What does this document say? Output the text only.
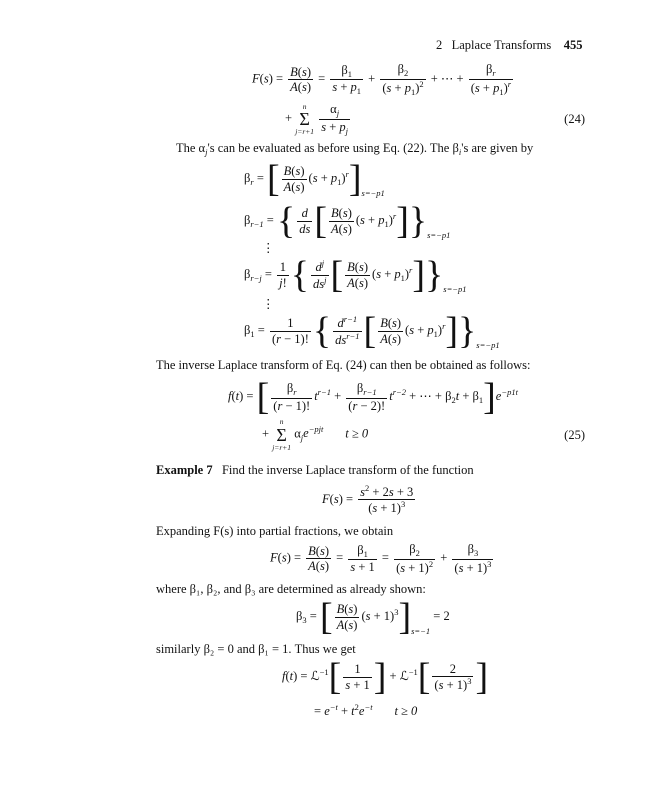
2 Laplace Transforms 455
$F(s) = \frac{B(s)}{A(s)} = \frac{\beta_1}{s + p_1} + \frac{\beta_2}{(s + p_1)^2}$ + ⋯ + $\frac{\beta_r}{(s + p_1)^r}$
+
n
Σ
j=r+1
$\frac{\alpha_j}{s + p_j}$	(24)
The $\alpha_j's$ can be evaluated as before using Eq. (22). The $\beta_i's$ are given by
$\beta_r$ = [ $\frac{B(s)}{A(s)} (s + p_1)^r]_{s=-p1}$
$\beta_{r-1}$ = { $\frac{d}{ds}$ [ $\frac{B(s)}{A(s)} (s + p_1)^r]\}_{s=-p1}$
⋮
$\beta_{r-j} = \frac{1}{j!}$ { $d^j$
$ds^j$ [ $\frac{B(s)}{A(s)} (s + p_1)^r]\}_{s=-p1}$
⋮
$\beta_1 = \frac{1}{(r - 1)!}$ { $d^{r-1}$
$ds^{r-1}$ [ $\frac{B(s)}{A(s)} (s + p_1)^r]\}_{s=-p1}$
The inverse Laplace transform of Eq. (24) can then be obtained as follows:
f(t) = [ $\frac{\beta_r}{(r - 1)!} t^{r-1} + \frac{\beta_{r-1}}{(r - 2)!} t^{r-2}$ + ⋯ + $\beta_2t + \beta_1]e^{-p1t}$
+
n
Σ
j=r+1
$\alpha_je^{-pjt}$ t ≥ 0	(25)
Example 7 Find the inverse Laplace transform of the function
$F(s) = \frac{s^2 + 2s + 3}{(s + 1)^3}$
Expanding F(s) into partial fractions, we obtain
$F(s) = \frac{B(s)}{A(s)} = \frac{\beta_1}{s + 1} = \frac{\beta_2}{(s + 1)^2} + \frac{\beta_3}{(s + 1)^3}$
where β₁, β₂, and β₃ are determined as already shown:
$\beta_3$ = [ $\frac{B(s)}{A(s)} (s + 1)^3]_{s=-1} = 2$
similarly β₂ = 0 and β₁ = 1. Thus we get
f(t) = ℒ$^{-1}$[ $\frac{1}{s + 1}$ ] + ℒ$^{-1}$[ $\frac{2}{(s + 1)^3}$ ]
= $e^{-t} + t^2e^{-t}$ t ≥ 0
